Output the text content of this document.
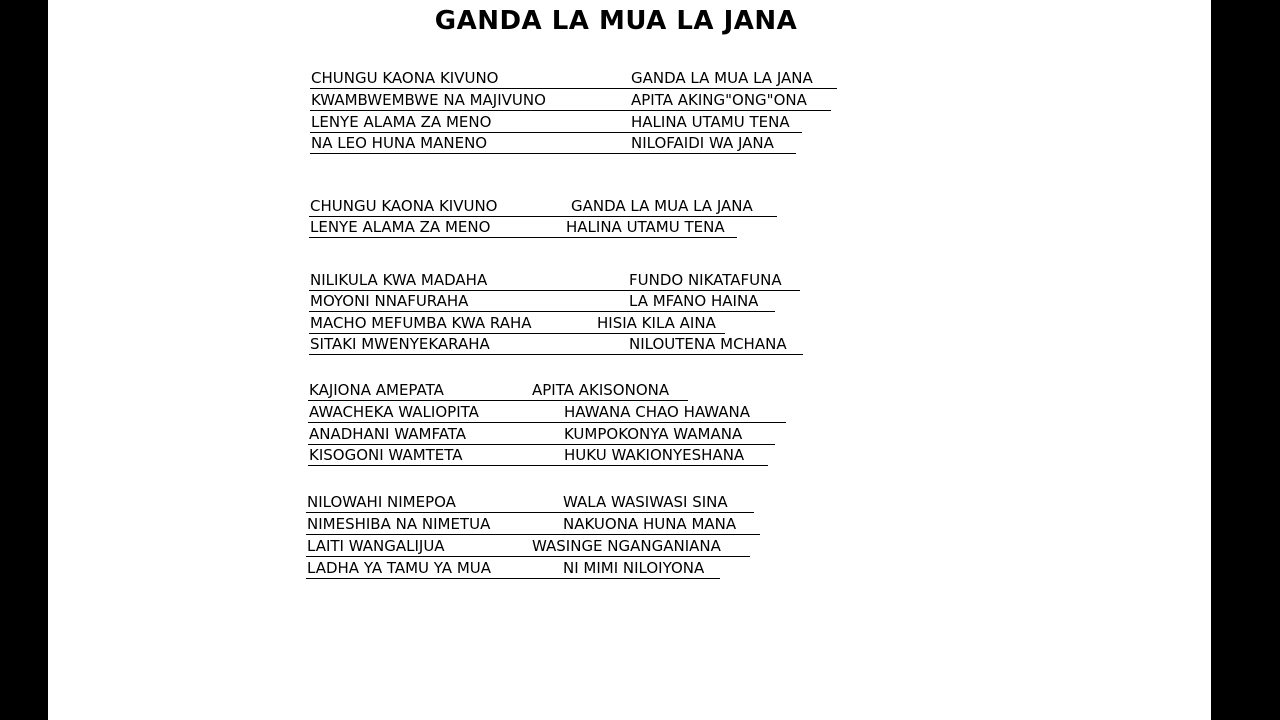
GANDA LA MUA LA JANA
CHUNGU KAONA KIVUNO	GANDA LA MUA LA JANA
KWAMBWEMBWE NA MAJIVUNO	APITA AKING"ONG"ONA
LENYE ALAMA ZA MENO	HALINA UTAMU TENA
NA LEO HUNA MANENO	NILOFAIDI WA JANA
CHUNGU KAONA KIVUNO	GANDA LA MUA LA JANA
LENYE ALAMA ZA MENO	HALINA UTAMU TENA
NILIKULA KWA MADAHA	FUNDO NIKATAFUNA
MOYONI NNAFURAHA	LA MFANO HAINA
MACHO MEFUMBA KWA RAHA	HISIA KILA AINA
SITAKI MWENYEKARAHA	NILOUTENA MCHANA
KAJIONA AMEPATA	APITA AKISONONA
AWACHEKA WALIOPITA	HAWANA CHAO HAWANA
ANADHANI WAMFATA	KUMPOKONYA WAMANA
KISOGONI WAMTETA	HUKU WAKIONYESHANA
NILOWAHI NIMEPOA	WALA WASIWASI SINA
NIMESHIBA NA NIMETUA	NAKUONA HUNA MANA
LAITI WANGALIJUA	WASINGE NGANGANIANA
LADHA YA TAMU YA MUA	NI MIMI NILOIYONA
